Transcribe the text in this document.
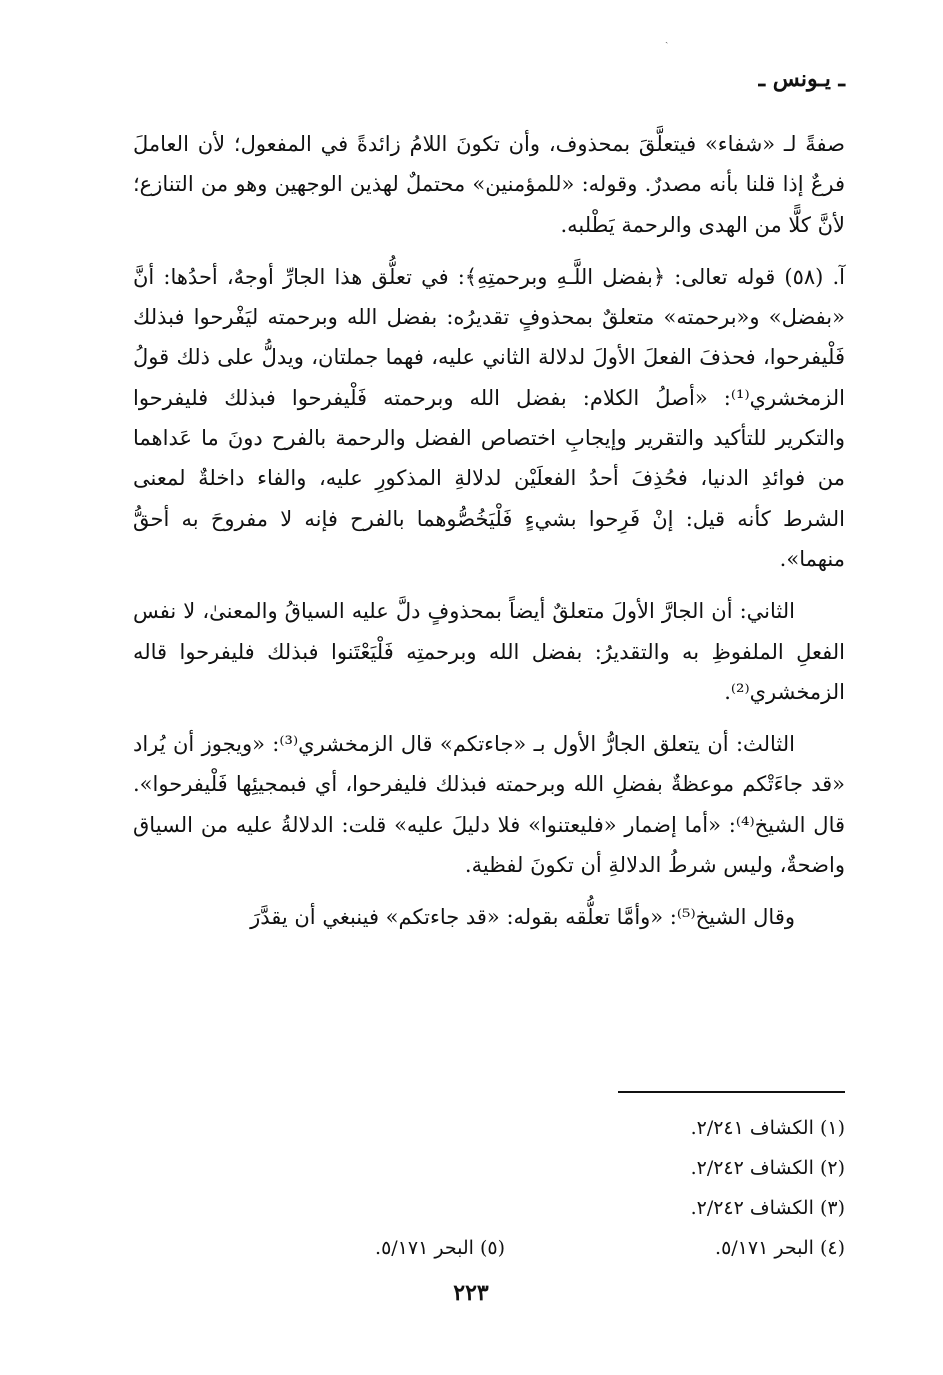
ˎ
ـ يـونس ـ

صفةً لـ «شفاء» فيتعلَّقَ بمحذوف، وأن تكونَ اللامُ زائدةً في المفعول؛ لأن العاملَ فرعٌ إذا قلنا بأنه مصدرٌ. وقوله: «للمؤمنين» محتملٌ لهذين الوجهين وهو من التنازع؛ لأنَّ كلًّا من الهدى والرحمة يَطْلبه.

آ. (٥٨) قوله تعالى: ﴿بفضل اللَّـهِ وبرحمتِهِ﴾: في تعلُّق هذا الجارِّ أوجهٌ، أحدُها: أنَّ «بفضل» و«برحمته» متعلقٌ بمحذوفٍ تقديرُه: بفضل الله وبرحمته ليَفْرحوا فبذلك فَلْيفرحوا، فحذفَ الفعلَ الأولَ لدلالة الثاني عليه، فهما جملتان، ويدلُّ على ذلك قولُ الزمخشري⁽¹⁾: «أصلُ الكلام: بفضل الله وبرحمته فَلْيفرحوا فبذلك فليفرحوا والتكرير للتأكيد والتقرير وإيجابِ اختصاص الفضل والرحمة بالفرح دونَ ما عَداهما من فوائدِ الدنيا، فحُذِفَ أحدُ الفعلَيْن لدلالةِ المذكورِ عليه، والفاء داخلةٌ لمعنى الشرط كأنه قيل: إنْ فَرِحوا بشيءٍ فَلْيَخُصُّوهما بالفرح فإنه لا مفروحَ به أحقُّ منهما».

الثاني: أن الجارَّ الأولَ متعلقٌ أيضاً بمحذوفٍ دلَّ عليه السياقُ والمعنىٰ، لا نفس الفعلِ الملفوظِ به والتقديرُ: بفضل الله وبرحمتِه فَلْيَعْتَنوا فبذلك فليفرحوا قاله الزمخشري⁽²⁾.

الثالث: أن يتعلق الجارُّ الأول بـ «جاءتكم» قال الزمخشري⁽³⁾: «ويجوز أن يُراد «قد جاءَتْكم موعظةٌ بفضلِ الله وبرحمته فبذلك فليفرحوا، أي فبمجيئِها فَلْيفرحوا». قال الشيخ⁽⁴⁾: «أما إضمار «فليعتنوا» فلا دليلَ عليه» قلت: الدلالةُ عليه من السياق واضحةٌ، وليس شرطُ الدلالةِ أن تكونَ لفظية.

وقال الشيخ⁽⁵⁾: «وأمَّا تعلُّقه بقوله: «قد جاءتكم» فينبغي أن يقدَّرَ

(١) الكشاف ٢/٢٤١.
(٢) الكشاف ٢/٢٤٢.
(٣) الكشاف ٢/٢٤٢.
(٤) البحر ٥/١٧١.
(٥) البحر ٥/١٧١.
٢٢٣
